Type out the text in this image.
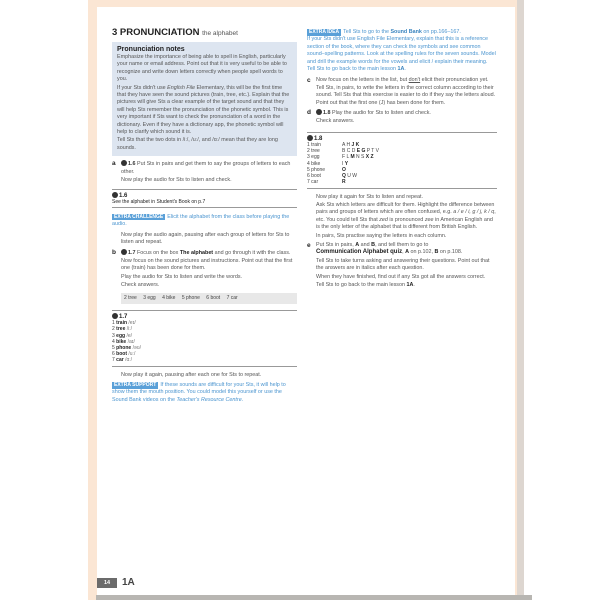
3 PRONUNCIATION the alphabet
Pronunciation notes

Emphasize the importance of being able to spell in English, particularly your name or email address. Point out that it is very useful to be able to recognize and write down letters correctly when people spell words to you.

If your Sts didn't use English File Elementary, this will be the first time that they have seen the sound pictures (train, tree, etc.). Explain that the pictures will give Sts a clear example of the target sound and that they will help Sts remember the pronunciation of the phonetic symbol. This is very important if Sts want to check the pronunciation of a word in the dictionary. Even if they have a dictionary app, the phonetic symbol will help to clarify which sound it is.

Tell Sts that the two dots in /iː/, /uː/, and /ɑː/ mean that they are long sounds.

a 1.6 Put Sts in pairs and get them to say the groups of letters to each other.
Now play the audio for Sts to listen and check.
1.6
See the alphabet in Student's Book on p.7
EXTRA CHALLENGE Elicit the alphabet from the class before playing the audio.
Now play the audio again, pausing after each group of letters for Sts to listen and repeat.
b 1.7 Focus on the box The alphabet and go through it with the class.
Now focus on the sound pictures and instructions. Point out that the first one (train) has been done for them.
Play the audio for Sts to listen and write the words.
Check answers.
2 tree 3 egg 4 bike 5 phone 6 boot 7 car
1.7
1 train /eɪ/
2 tree /iː/
3 egg /e/
4 bike /aɪ/
5 phone /əʊ/
6 boot /uː/
7 car /ɑː/
Now play it again, pausing after each one for Sts to repeat.
EXTRA SUPPORT If these sounds are difficult for your Sts, it will help to show them the mouth position. You could model this yourself or use the Sound Bank videos on the Teacher's Resource Centre.
EXTRA IDEA Tell Sts to go to the Sound Bank on pp.166–167.
If your Sts didn't use English File Elementary, explain that this is a reference section of the book, where they can check the symbols and see common sound–spelling patterns. Look at the spelling rules for the seven sounds. Model and drill the example words for the vowels and elicit / explain their meaning.
Tell Sts to go back to the main lesson 1A.
c Now focus on the letters in the list, but don't elicit their pronunciation yet. Tell Sts, in pairs, to write the letters in the correct column according to their sound. Tell Sts that this exercise is easier to do if they say the letters aloud. Point out that the first one (J) has been done for them.
d 1.8 Play the audio for Sts to listen and check.
Check answers.
1.8
1 train	A H J K
2 tree	B C D E G P T V
3 egg	F L M N S X Z
4 bike	I Y
5 phone	O
6 boot	Q U W
7 car	R
Now play it again for Sts to listen and repeat.
Ask Sts which letters are difficult for them. Highlight the difference between pairs and groups of letters which are often confused, e.g. a / e / i, g / j, k / q, etc. You could tell Sts that zed is pronounced zee in American English and is the only letter of the alphabet that is different from British English.
In pairs, Sts practise saying the letters in each column.
e Put Sts in pairs, A and B, and tell them to go to
Communication Alphabet quiz, A on p.102, B on p.108.
Tell Sts to take turns asking and answering their questions. Point out that the answers are in italics after each question.
When they have finished, find out if any Sts got all the answers correct.
Tell Sts to go back to the main lesson 1A.
14	1A
